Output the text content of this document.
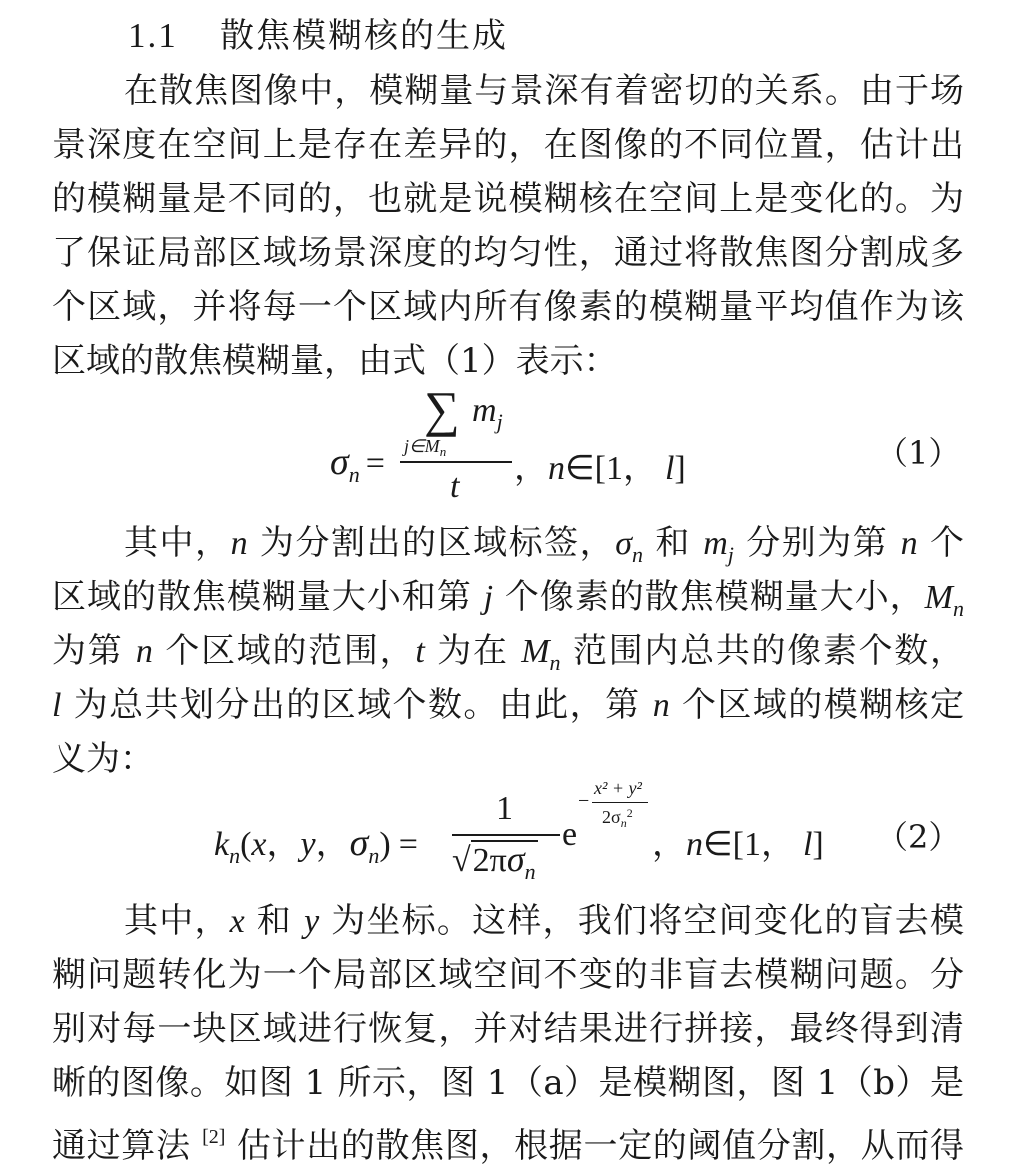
1.1 散焦模糊核的生成
在散焦图像中，模糊量与景深有着密切的关系。由于场
景深度在空间上是存在差异的，在图像的不同位置，估计出
的模糊量是不同的，也就是说模糊核在空间上是变化的。为
了保证局部区域场景深度的均匀性，通过将散焦图分割成多
个区域，并将每一个区域内所有像素的模糊量平均值作为该
区域的散焦模糊量，由式（1）表示：
$\sigma_n$ =
∑
$j\in M_n$
$m_j$
t ，n∈[1， l]	（1）
其中，n 为分割出的区域标签，$\sigma_n$ 和 $m_j$ 分别为第 n 个
区域的散焦模糊量大小和第 j 个像素的散焦模糊量大小，$M_n$
为第 n 个区域的范围，t 为在 $M_n$ 范围内总共的像素个数，
l 为总共划分出的区域个数。由此，第 n 个区域的模糊核定
义为：
$k_n(x$，y，$\sigma_n$) =
1
$√2\pi\sigma_n$
e
−
x² + y²
$2\sigma_n^2$
，n∈[1， l] （2）
其中，x 和 y 为坐标。这样，我们将空间变化的盲去模
糊问题转化为一个局部区域空间不变的非盲去模糊问题。分
别对每一块区域进行恢复，并对结果进行拼接，最终得到清
晰的图像。如图 1 所示，图 1（a）是模糊图，图 1（b）是
通过算法 [2] 估计出的散焦图，根据一定的阈值分割，从而得
